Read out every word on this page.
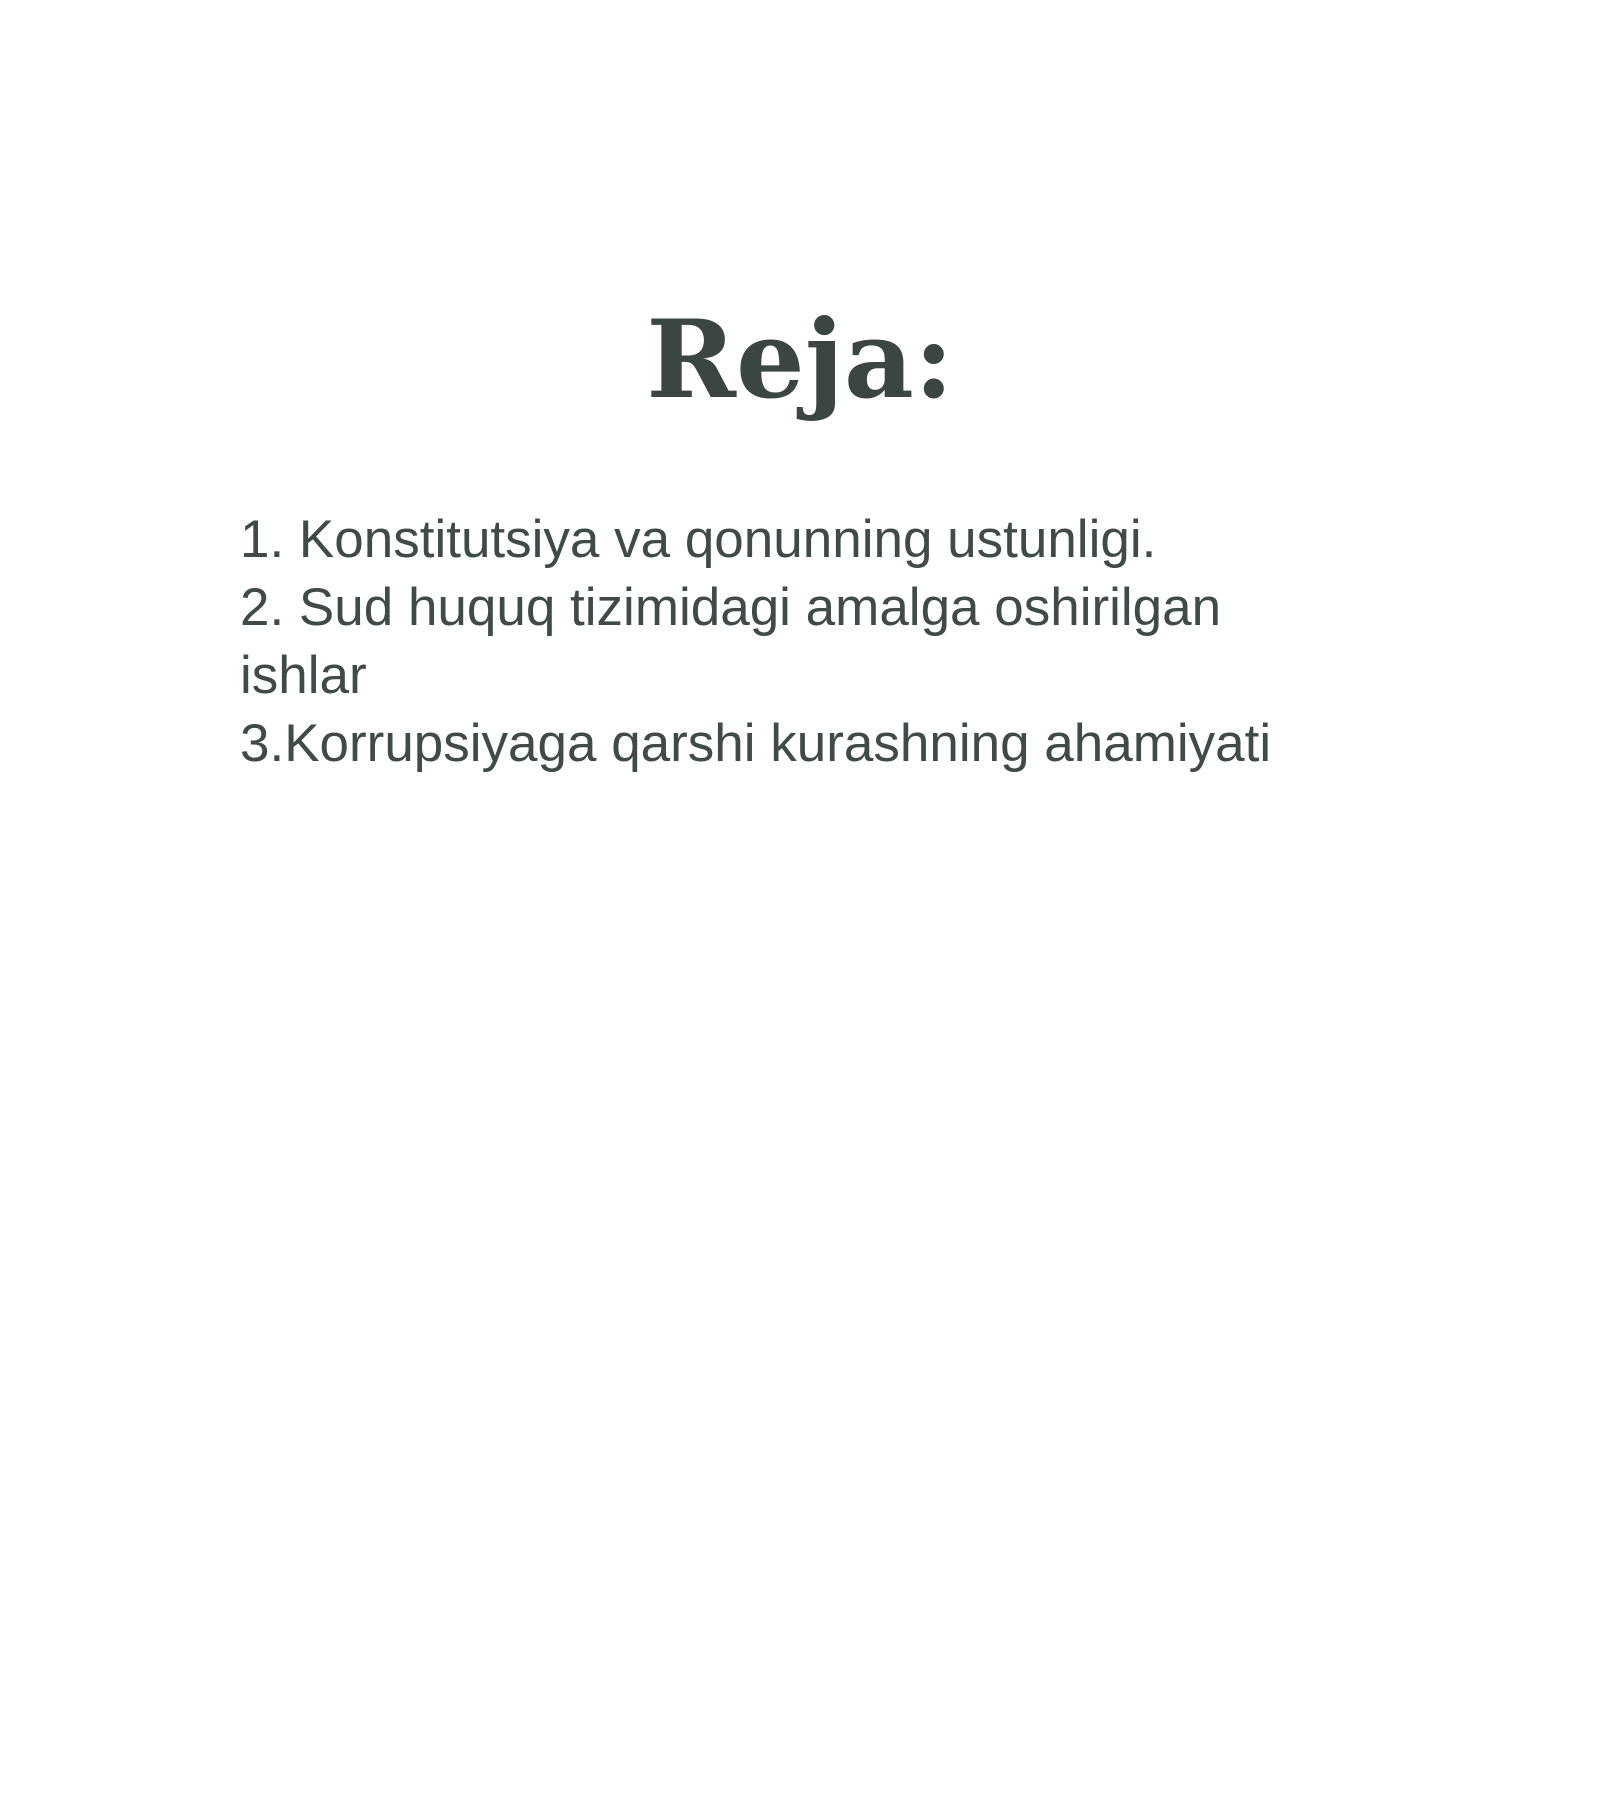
Reja:
1. Konstitutsiya va qonunning ustunligi.
2. Sud huquq tizimidagi amalga oshirilgan
ishlar
3.Korrupsiyaga qarshi kurashning ahamiyati
